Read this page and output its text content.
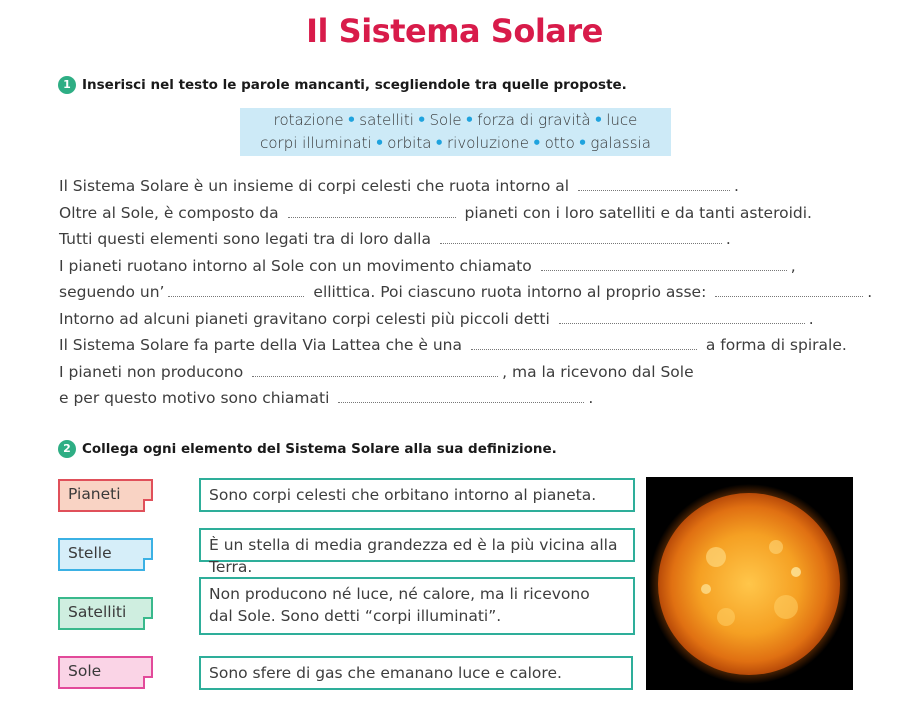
Il Sistema Solare
1 Inserisci nel testo le parole mancanti, scegliendole tra quelle proposte.
rotazione • satelliti • Sole • forza di gravità • luce
corpi illuminati • orbita • rivoluzione • otto • galassia
Il Sistema Solare è un insieme di corpi celesti che ruota intorno al	.
Oltre al Sole, è composto da	pianeti con i loro satelliti e da tanti asteroidi.
Tutti questi elementi sono legati tra di loro dalla	.
I pianeti ruotano intorno al Sole con un movimento chiamato	,
seguendo un’	ellittica. Poi ciascuno ruota intorno al proprio asse:	.
Intorno ad alcuni pianeti gravitano corpi celesti più piccoli detti	.
Il Sistema Solare fa parte della Via Lattea che è una	a forma di spirale.
I pianeti non producono	, ma la ricevono dal Sole
e per questo motivo sono chiamati	.
2 Collega ogni elemento del Sistema Solare alla sua definizione.
Pianeti
Stelle
Satelliti
Sole
Sono corpi celesti che orbitano intorno al pianeta.
È un stella di media grandezza ed è la più vicina alla Terra.
Non producono né luce, né calore, ma li ricevono
dal Sole. Sono detti “corpi illuminati”.
Sono sfere di gas che emanano luce e calore.
